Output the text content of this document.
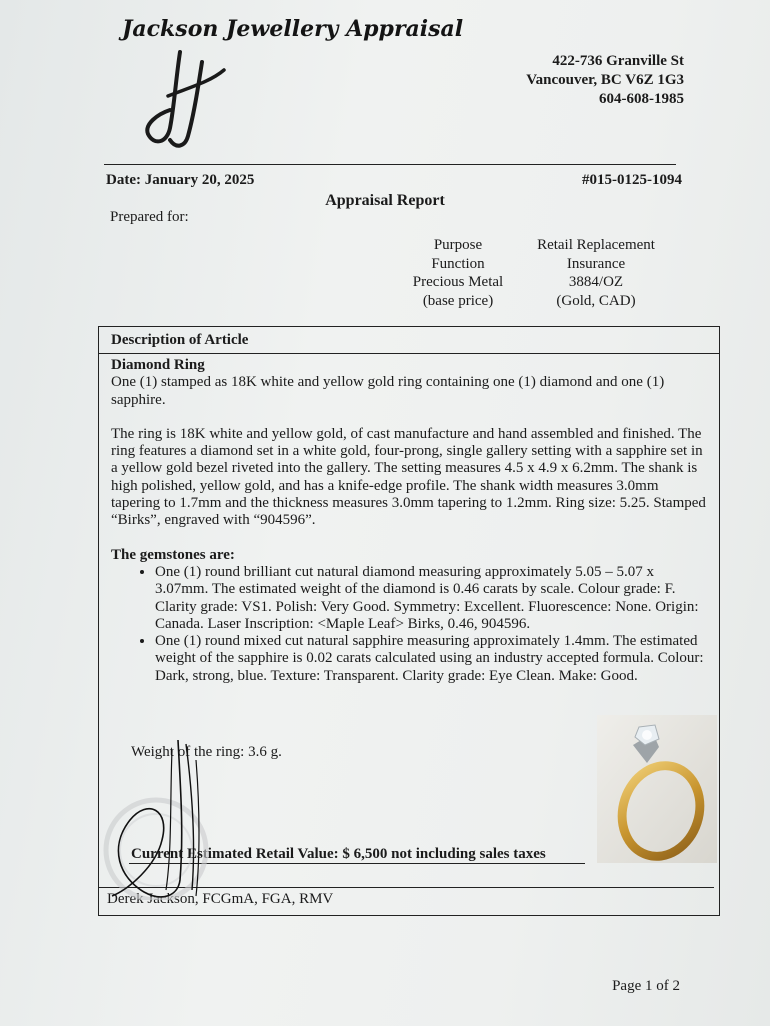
Jackson Jewellery Appraisal
422-736 Granville St
Vancouver, BC V6Z 1G3
604-608-1985
Date: January 20, 2025	#015-0125-1094
Appraisal Report
Prepared for:
Purpose	Retail Replacement
Function	Insurance
Precious Metal	3884/OZ
(base price)	(Gold, CAD)
Description of Article

Diamond Ring

One (1) stamped as 18K white and yellow gold ring containing one (1) diamond and one (1) sapphire.

The ring is 18K white and yellow gold, of cast manufacture and hand assembled and finished. The ring features a diamond set in a white gold, four-prong, single gallery setting with a sapphire set in a yellow gold bezel riveted into the gallery. The setting measures 4.5 x 4.9 x 6.2mm. The shank is high polished, yellow gold, and has a knife-edge profile. The shank width measures 3.0mm tapering to 1.7mm and the thickness measures 3.0mm tapering to 1.2mm. Ring size: 5.25. Stamped “Birks”, engraved with “904596”.

The gemstones are:

• One (1) round brilliant cut natural diamond measuring approximately 5.05 – 5.07 x 3.07mm. The estimated weight of the diamond is 0.46 carats by scale. Colour grade: F. Clarity grade: VS1. Polish: Very Good. Symmetry: Excellent. Fluorescence: None. Origin: Canada. Laser Inscription: <Maple Leaf> Birks, 0.46, 904596.
• One (1) round mixed cut natural sapphire measuring approximately 1.4mm. The estimated weight of the sapphire is 0.02 carats calculated using an industry accepted formula. Colour: Dark, strong, blue. Texture: Transparent. Clarity grade: Eye Clean. Make: Good.
Weight of the ring: 3.6 g.
Current Estimated Retail Value: $ 6,500 not including sales taxes
Derek Jackson, FCGmA, FGA, RMV
Page 1 of 2
